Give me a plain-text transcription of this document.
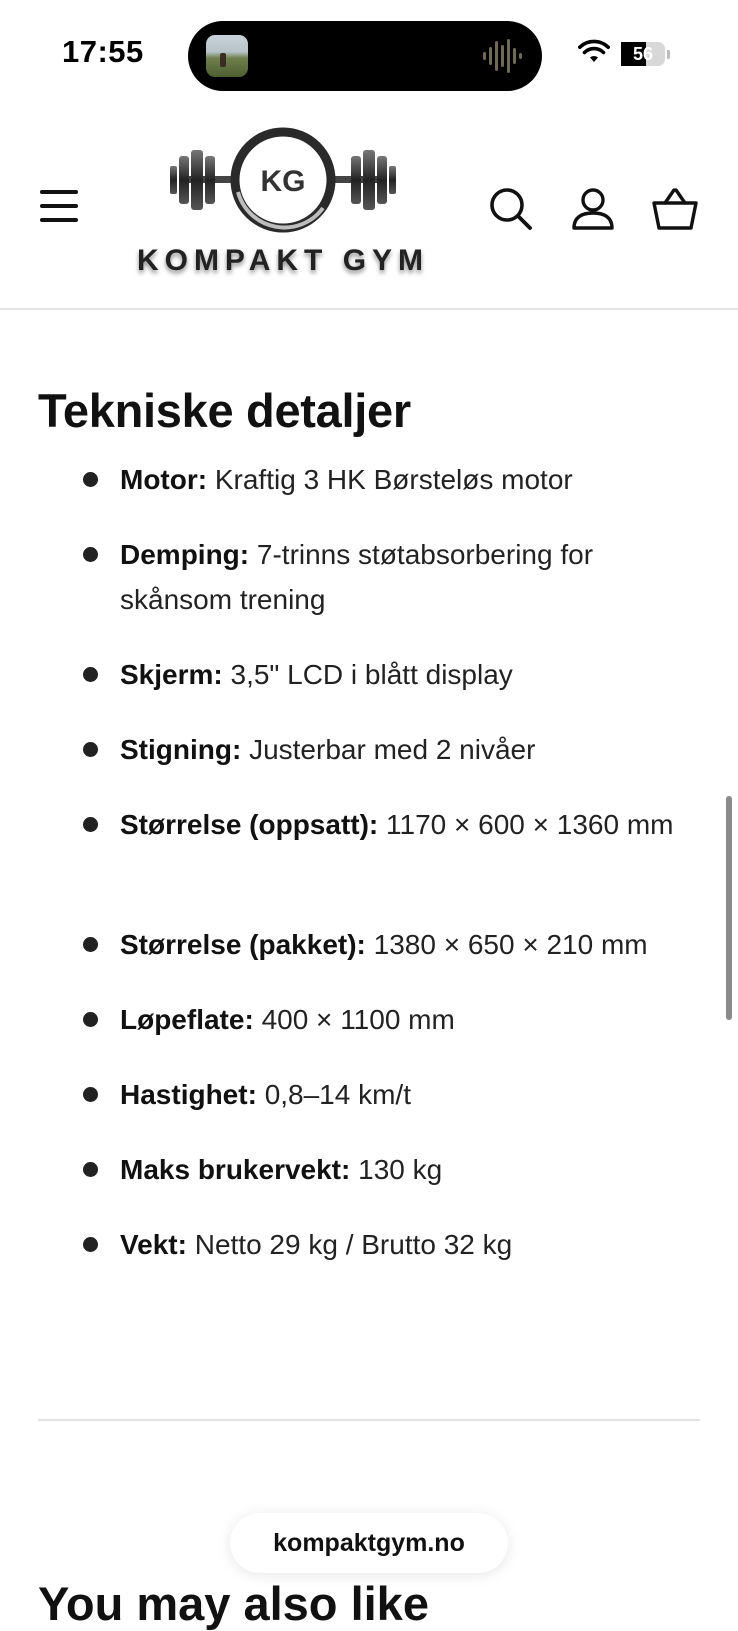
17:55	56
KG
KOMPAKT GYM
Tekniske detaljer
Motor: Kraftig 3 HK Børsteløs motor
Demping: 7-trinns støtabsorbering for skånsom trening
Skjerm: 3,5" LCD i blått display
Stigning: Justerbar med 2 nivåer
Størrelse (oppsatt): 1170 × 600 × 1360 mm
Størrelse (pakket): 1380 × 650 × 210 mm
Løpeflate: 400 × 1100 mm
Hastighet: 0,8–14 km/t
Maks brukervekt: 130 kg
Vekt: Netto 29 kg / Brutto 32 kg
You may also like
kompaktgym.no
